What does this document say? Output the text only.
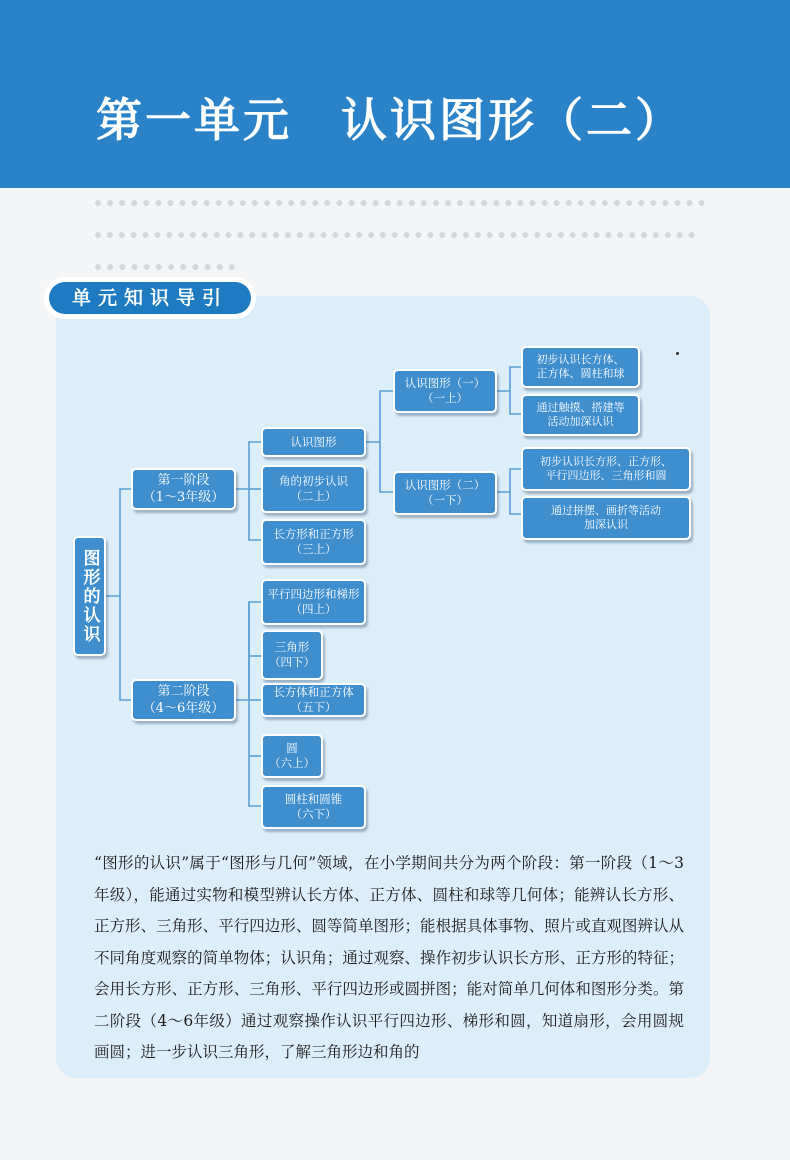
第一单元　认识图形（二）
单元知识导引
图形的认识
第一阶段
（1～3年级）
第二阶段
（4～6年级）
认识图形
角的初步认识
（二上）
长方形和正方形
（三上）
平行四边形和梯形
（四上）
三角形
（四下）
长方体和正方体
（五下）
圆
（六上）
圆柱和圆锥
（六下）
认识图形（一）
（一上）
认识图形（二）
（一下）
初步认识长方体、
正方体、圆柱和球
通过触摸、搭建等
活动加深认识
初步认识长方形、正方形、
平行四边形、三角形和圆
通过拼摆、画折等活动
加深认识
“图形的认识”属于“图形与几何”领域，在小学期间共分为两个阶段：第一阶段（1～3年级），能通过实物和模型辨认长方体、正方体、圆柱和球等几何体；能辨认长方形、正方形、三角形、平行四边形、圆等简单图形；能根据具体事物、照片或直观图辨认从不同角度观察的简单物体；认识角；通过观察、操作初步认识长方形、正方形的特征；会用长方形、正方形、三角形、平行四边形或圆拼图；能对简单几何体和图形分类。第二阶段（4～6年级）通过观察操作认识平行四边形、梯形和圆，知道扇形，会用圆规画圆；进一步认识三角形，了解三角形边和角的
